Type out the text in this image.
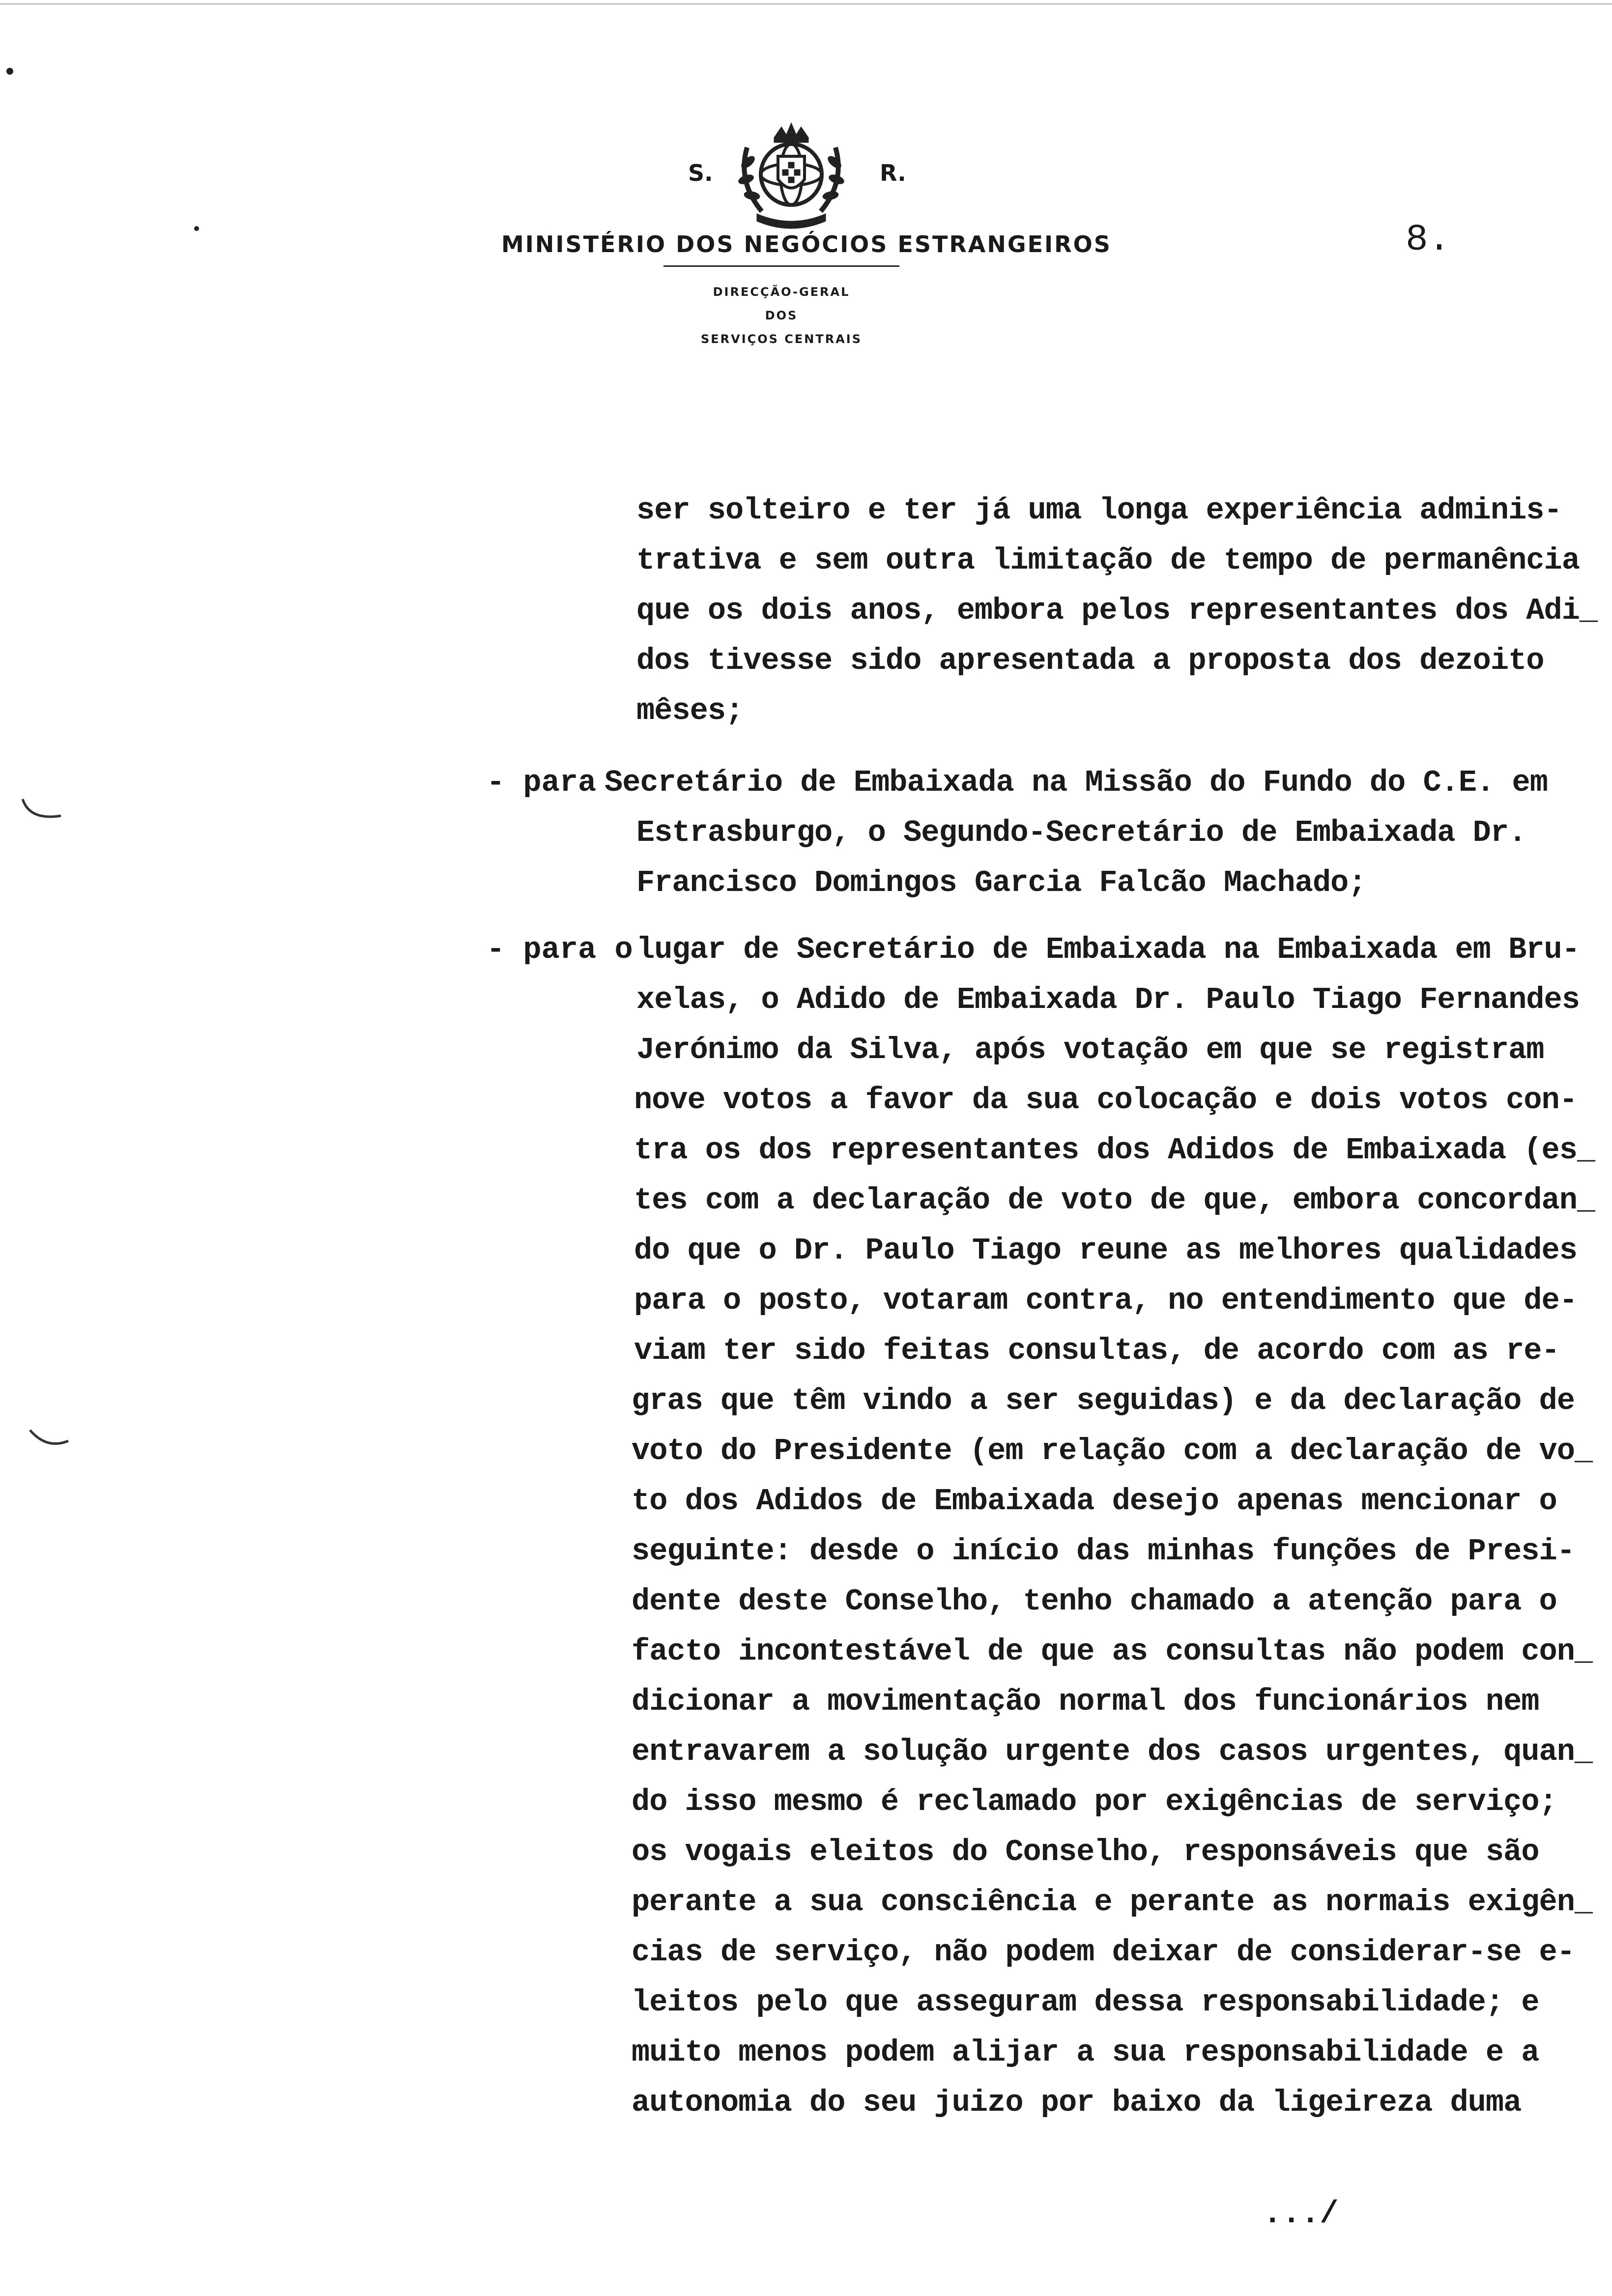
S.	R.
MINISTÉRIO DOS NEGÓCIOS ESTRANGEIROS
DIRECÇÃO-GERAL
DOS
SERVIÇOS CENTRAIS
8.
ser solteiro e ter já uma longa experiência adminis-
trativa e sem outra limitação de tempo de permanência
que os dois anos, embora pelos representantes dos Adi_
dos tivesse sido apresentada a proposta dos dezoito
mêses;
- para Secretário de Embaixada na Missão do Fundo do C.E. em
Estrasburgo, o Segundo-Secretário de Embaixada Dr.
Francisco Domingos Garcia Falcão Machado;
- para o lugar de Secretário de Embaixada na Embaixada em Bru-
xelas, o Adido de Embaixada Dr. Paulo Tiago Fernandes
Jerónimo da Silva, após votação em que se registram
nove votos a favor da sua colocação e dois votos con-
tra os dos representantes dos Adidos de Embaixada (es_
tes com a declaração de voto de que, embora concordan_
do que o Dr. Paulo Tiago reune as melhores qualidades
para o posto, votaram contra, no entendimento que de-
viam ter sido feitas consultas, de acordo com as re-
gras que têm vindo a ser seguidas) e da declaração de
voto do Presidente (em relação com a declaração de vo_
to dos Adidos de Embaixada desejo apenas mencionar o
seguinte: desde o início das minhas funções de Presi-
dente deste Conselho, tenho chamado a atenção para o
facto incontestável de que as consultas não podem con_
dicionar a movimentação normal dos funcionários nem
entravarem a solução urgente dos casos urgentes, quan_
do isso mesmo é reclamado por exigências de serviço;
os vogais eleitos do Conselho, responsáveis que são
perante a sua consciência e perante as normais exigên_
cias de serviço, não podem deixar de considerar-se e-
leitos pelo que asseguram dessa responsabilidade; e
muito menos podem alijar a sua responsabilidade e a
autonomia do seu juizo por baixo da ligeireza duma
.../
